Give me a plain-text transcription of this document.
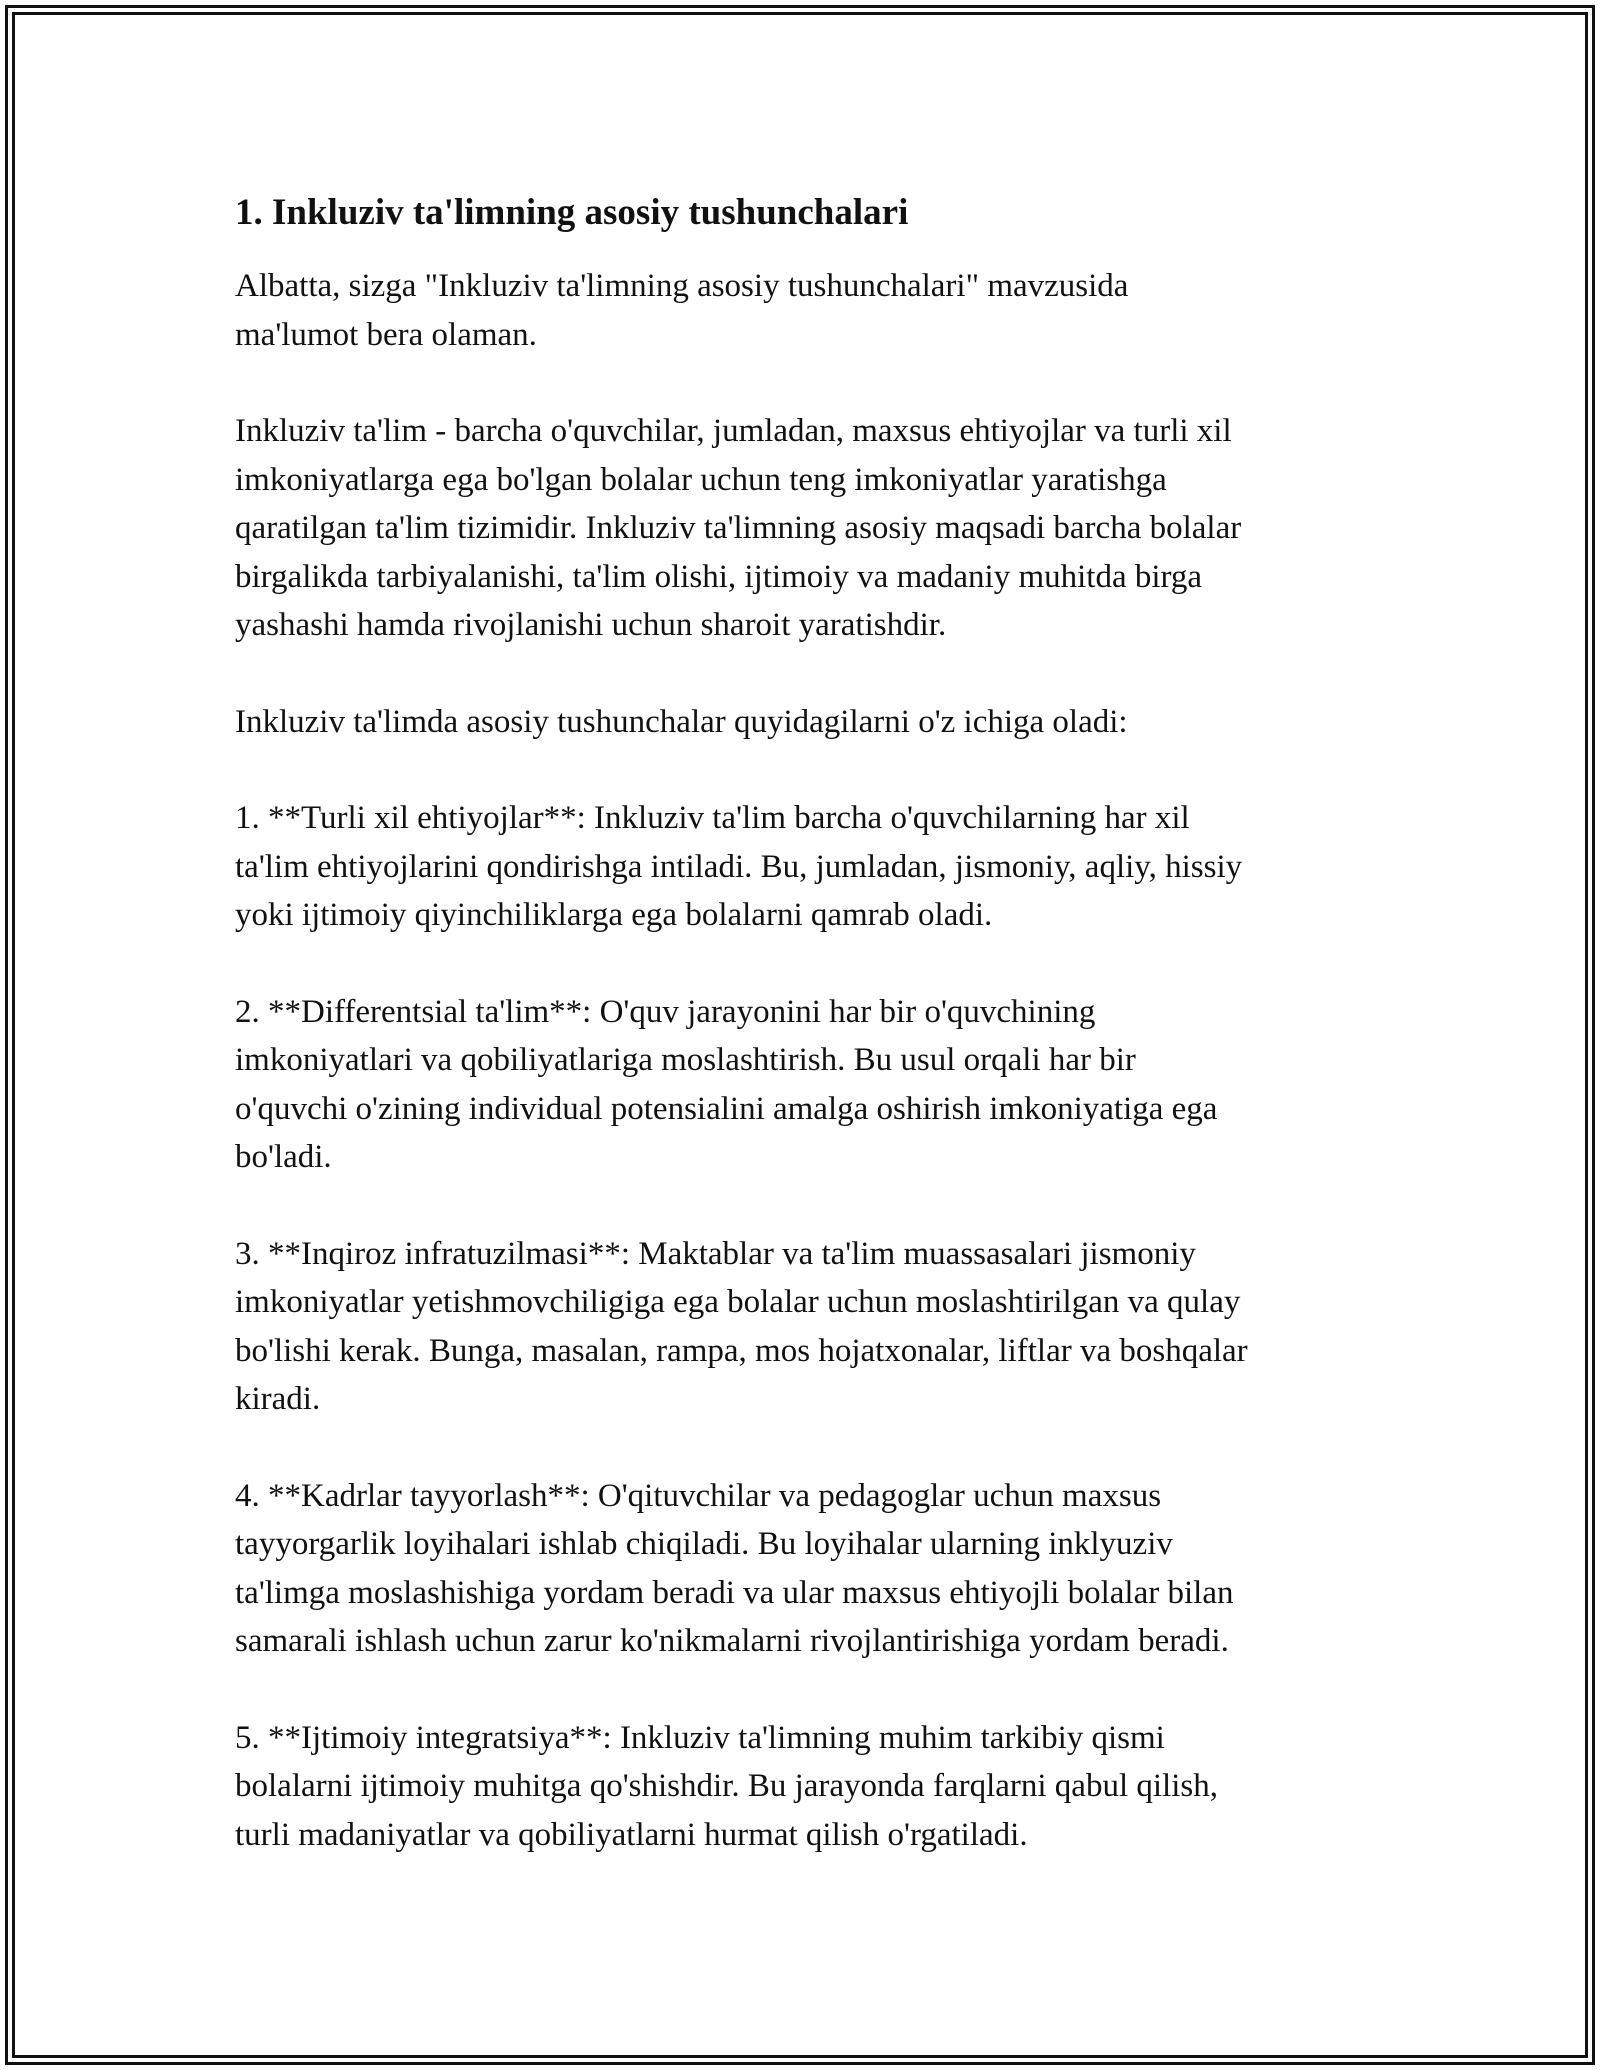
1. Inkluziv ta'limning asosiy tushunchalari

Albatta, sizga "Inkluziv ta'limning asosiy tushunchalari" mavzusida
ma'lumot bera olaman.

Inkluziv ta'lim - barcha o'quvchilar, jumladan, maxsus ehtiyojlar va turli xil
imkoniyatlarga ega bo'lgan bolalar uchun teng imkoniyatlar yaratishga
qaratilgan ta'lim tizimidir. Inkluziv ta'limning asosiy maqsadi barcha bolalar
birgalikda tarbiyalanishi, ta'lim olishi, ijtimoiy va madaniy muhitda birga
yashashi hamda rivojlanishi uchun sharoit yaratishdir.

Inkluziv ta'limda asosiy tushunchalar quyidagilarni o'z ichiga oladi:

1. **Turli xil ehtiyojlar**: Inkluziv ta'lim barcha o'quvchilarning har xil
ta'lim ehtiyojlarini qondirishga intiladi. Bu, jumladan, jismoniy, aqliy, hissiy
yoki ijtimoiy qiyinchiliklarga ega bolalarni qamrab oladi.

2. **Differentsial ta'lim**: O'quv jarayonini har bir o'quvchining
imkoniyatlari va qobiliyatlariga moslashtirish. Bu usul orqali har bir
o'quvchi o'zining individual potensialini amalga oshirish imkoniyatiga ega
bo'ladi.

3. **Inqiroz infratuzilmasi**: Maktablar va ta'lim muassasalari jismoniy
imkoniyatlar yetishmovchiligiga ega bolalar uchun moslashtirilgan va qulay
bo'lishi kerak. Bunga, masalan, rampa, mos hojatxonalar, liftlar va boshqalar
kiradi.

4. **Kadrlar tayyorlash**: O'qituvchilar va pedagoglar uchun maxsus
tayyorgarlik loyihalari ishlab chiqiladi. Bu loyihalar ularning inklyuziv
ta'limga moslashishiga yordam beradi va ular maxsus ehtiyojli bolalar bilan
samarali ishlash uchun zarur ko'nikmalarni rivojlantirishiga yordam beradi.

5. **Ijtimoiy integratsiya**: Inkluziv ta'limning muhim tarkibiy qismi
bolalarni ijtimoiy muhitga qo'shishdir. Bu jarayonda farqlarni qabul qilish,
turli madaniyatlar va qobiliyatlarni hurmat qilish o'rgatiladi.
